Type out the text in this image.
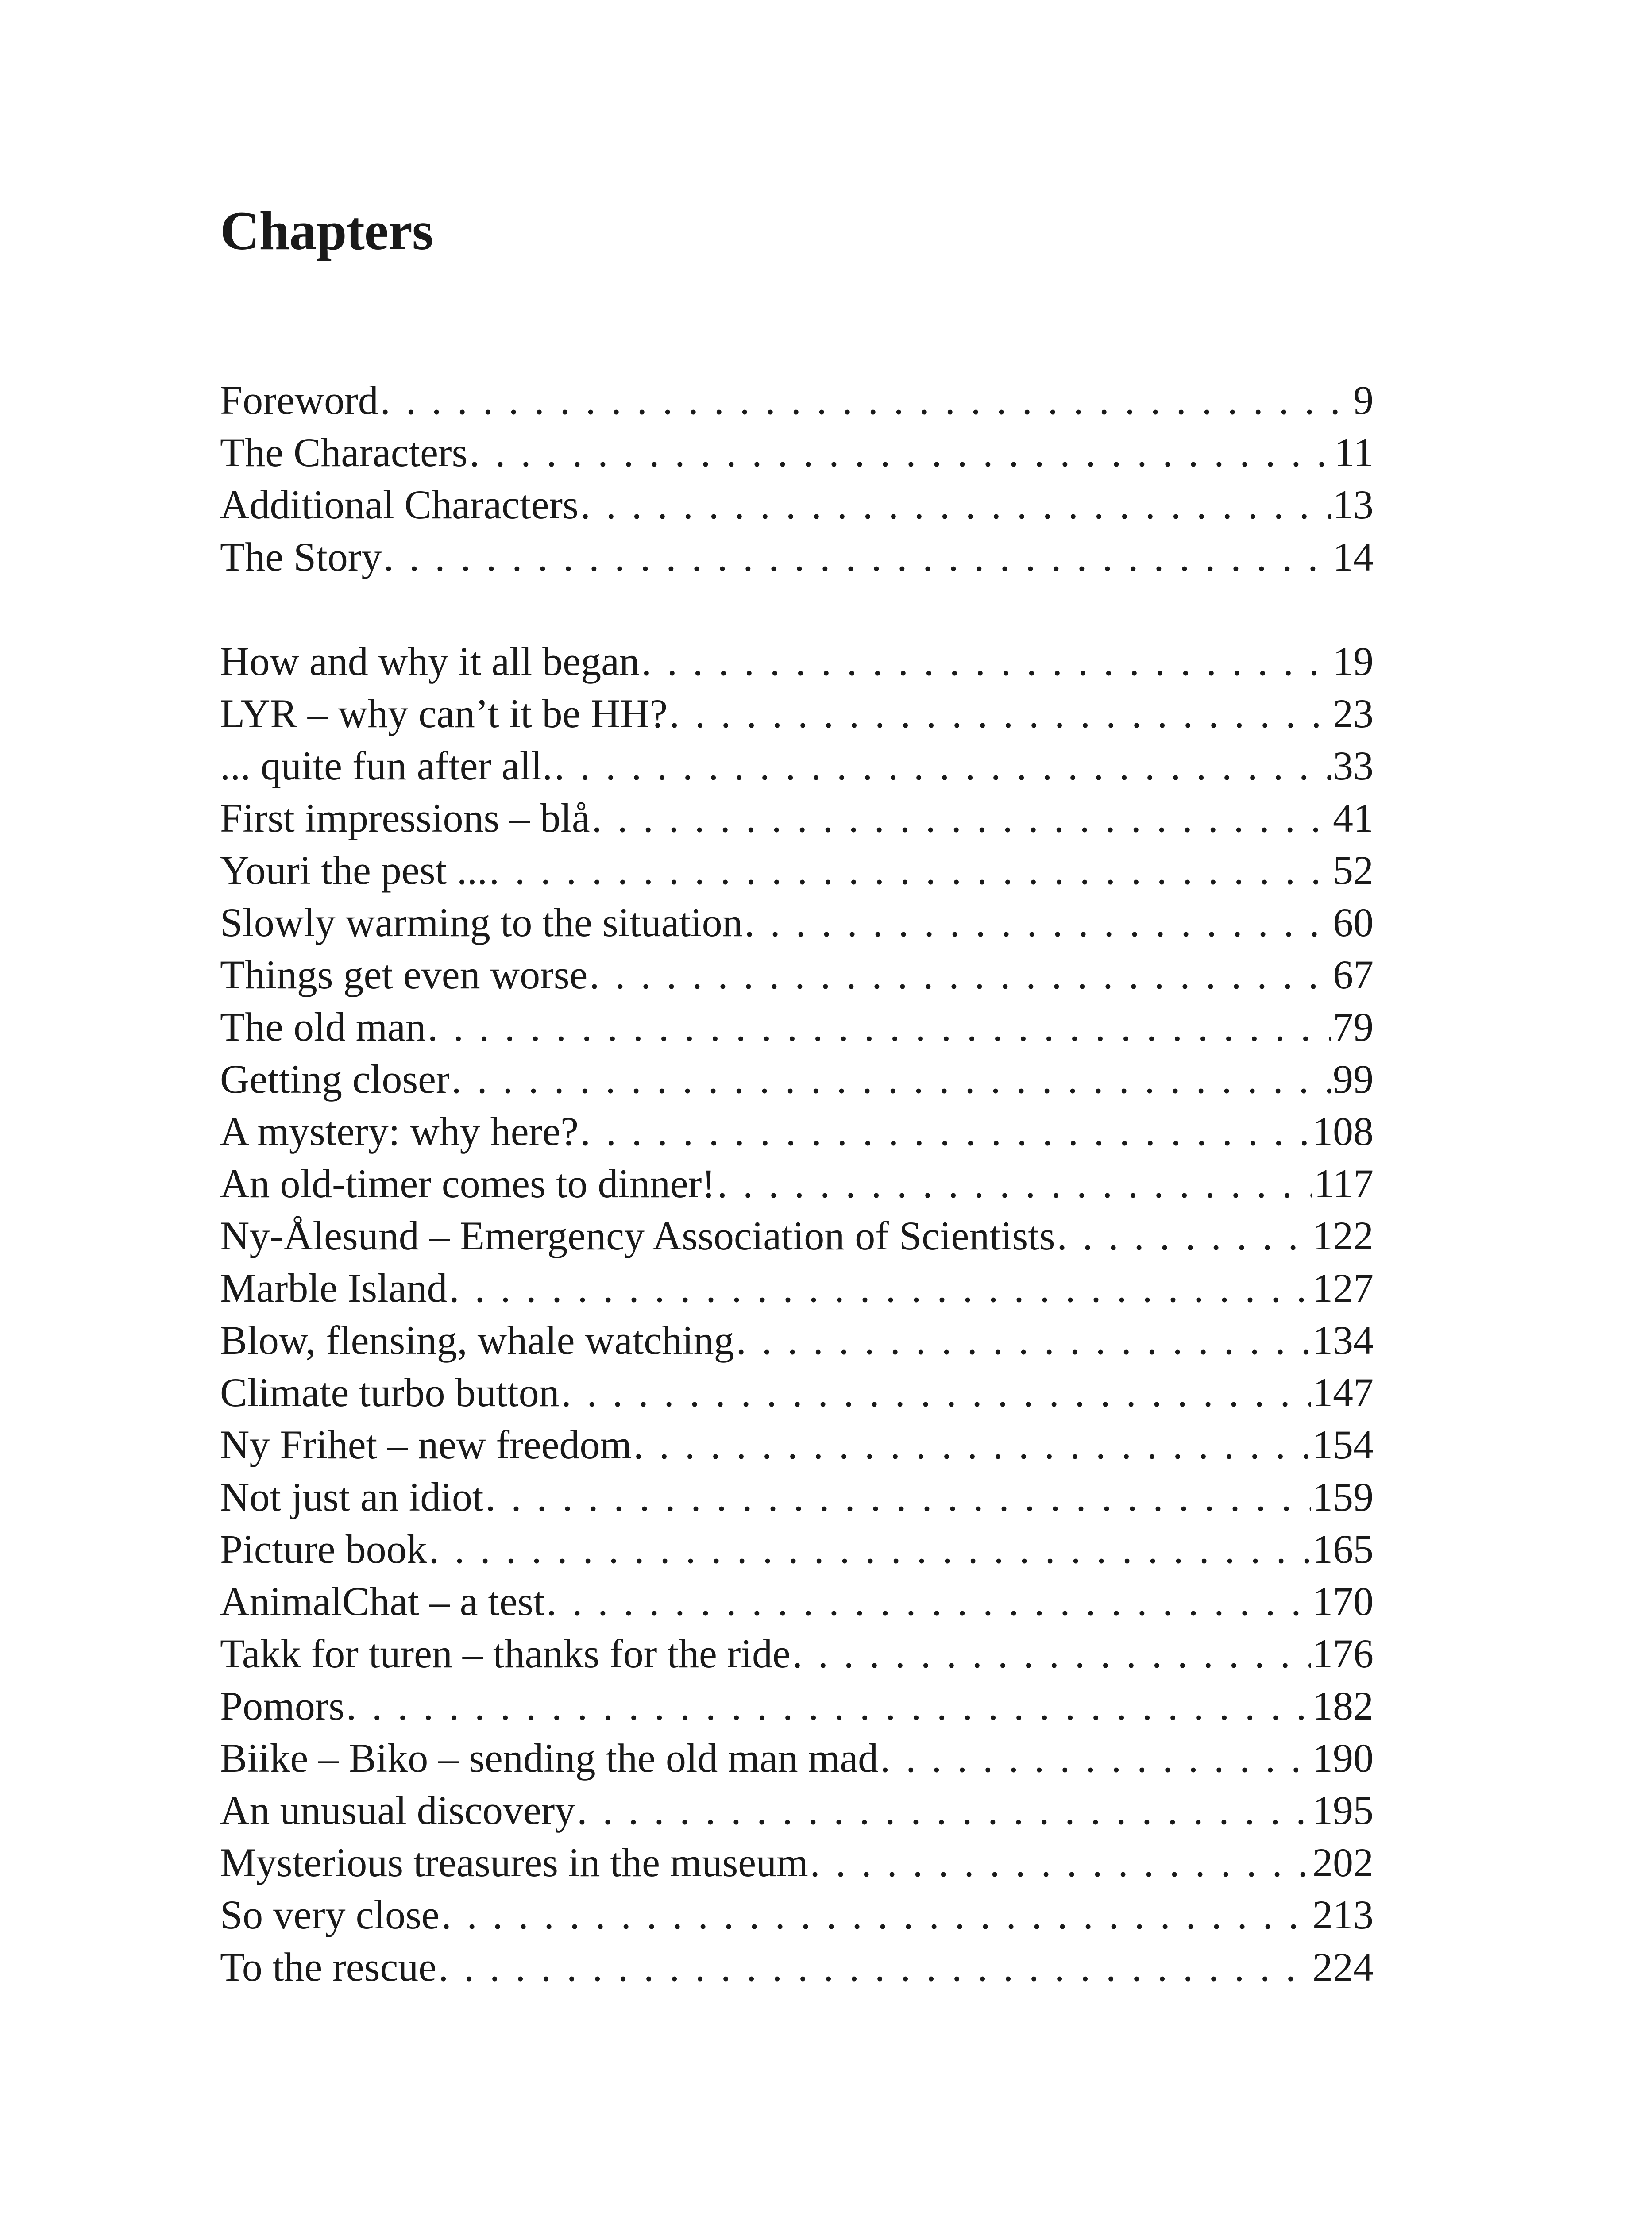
Chapters
Foreword . . .	9
The Characters . . .	11
Additional Characters . . .	13
The Story . . .	14
How and why it all began . . .	19
LYR – why can’t it be HH? . . .	23
... quite fun after all. . . .	33
First impressions – blå . . .	41
Youri the pest ... . . .	52
Slowly warming to the situation . . .	60
Things get even worse . . .	67
The old man . . .	79
Getting closer . . .	99
A mystery: why here? . . .	108
An old-timer comes to dinner! . . .	117
Ny-Ålesund – Emergency Association of Scientists . . .	122
Marble Island . . .	127
Blow, flensing, whale watching . . .	134
Climate turbo button . . .	147
Ny Frihet – new freedom . . .	154
Not just an idiot . . .	159
Picture book . . .	165
AnimalChat – a test . . .	170
Takk for turen – thanks for the ride . . .	176
Pomors . . .	182
Biike – Biko – sending the old man mad . . .	190
An unusual discovery . . .	195
Mysterious treasures in the museum . . .	202
So very close . . .	213
To the rescue . . .	224
